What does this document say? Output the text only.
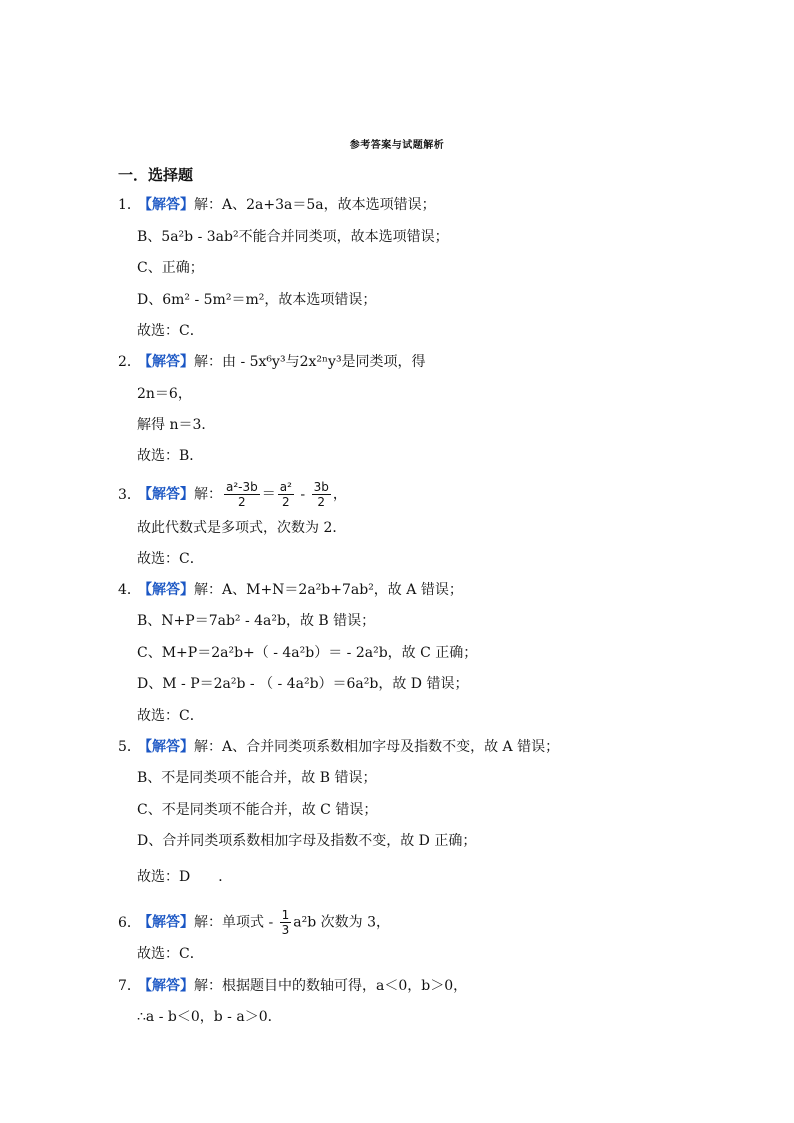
参考答案与试题解析
一．选择题
1．【解答】解：A、2a+3a＝5a，故本选项错误；
B、5a²b - 3ab²不能合并同类项，故本选项错误；
C、正确；
D、6m² - 5m²＝m²，故本选项错误；
故选：C．
2．【解答】解：由 - 5x⁶y³与2x²ⁿy³是同类项，得
2n＝6，
解得 n＝3．
故选：B．
3．【解答】解： $\frac{\text{a²-3b}}{2} = \frac{\text{a²}}{2} - \frac{3b}{2}$ ，
故此代数式是多项式，次数为 2．
故选：C．
4．【解答】解：A、M+N＝2a²b+7ab²，故 A 错误；
B、N+P＝7ab² - 4a²b，故 B 错误；
C、M+P＝2a²b+（ - 4a²b）＝ - 2a²b，故 C 正确；
D、M - P＝2a²b - （ - 4a²b）＝6a²b，故 D 错误；
故选：C．
5．【解答】解：A、合并同类项系数相加字母及指数不变，故 A 错误；
B、不是同类项不能合并，故 B 错误；
C、不是同类项不能合并，故 C 错误；
D、合并同类项系数相加字母及指数不变，故 D 正确；
故选：D　　．
6．【解答】解：单项式 - $\frac{1}{3} a^2b$ 次数为 3，
故选：C．
7．【解答】解：根据题目中的数轴可得，a＜0，b＞0，
∴a - b＜0，b - a＞0．
